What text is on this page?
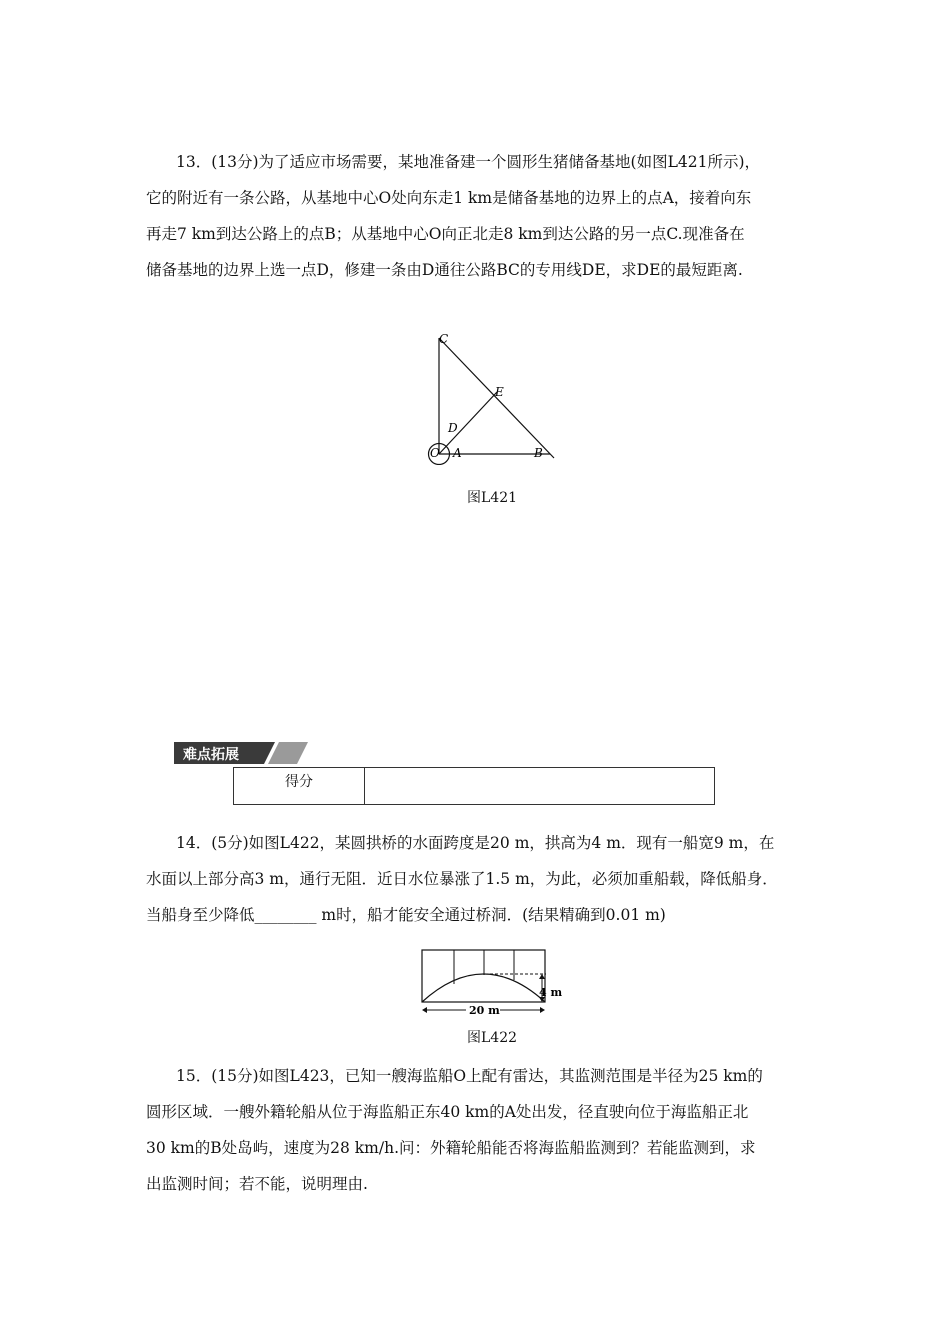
13．(13分)为了适应市场需要，某地准备建一个圆形生猪储备基地(如图L421所示)，
它的附近有一条公路，从基地中心O处向东走1 km是储备基地的边界上的点A，接着向东
再走7 km到达公路上的点B；从基地中心O向正北走8 km到达公路的另一点C.现准备在
储备基地的边界上选一点D，修建一条由D通往公路BC的专用线DE，求DE的最短距离.
C
E
D
O A	B
图L421
难点拓展
得分
14．(5分)如图L422，某圆拱桥的水面跨度是20 m，拱高为4 m．现有一船宽9 m，在
水面以上部分高3 m，通行无阻．近日水位暴涨了1.5 m，为此，必须加重船载，降低船身．
当船身至少降低________ m时，船才能安全通过桥洞．(结果精确到0.01 m)
4 m
20 m
图L422
15．(15分)如图L423，已知一艘海监船O上配有雷达，其监测范围是半径为25 km的
圆形区域．一艘外籍轮船从位于海监船正东40 km的A处出发，径直驶向位于海监船正北
30 km的B处岛屿，速度为28 km/h.问：外籍轮船能否将海监船监测到？若能监测到，求
出监测时间；若不能，说明理由.
